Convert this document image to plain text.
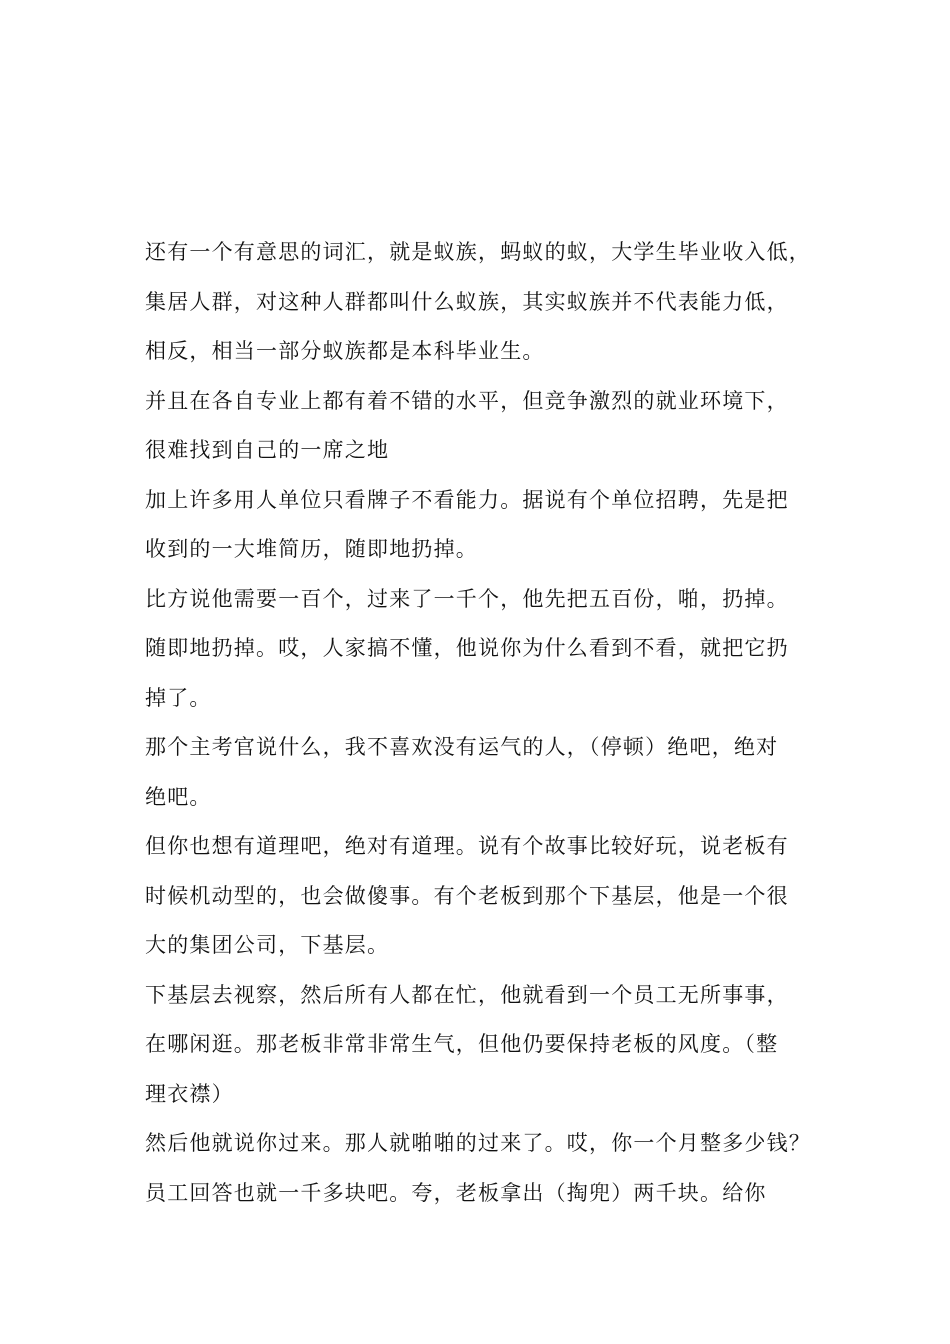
还有一个有意思的词汇，就是蚁族，蚂蚁的蚁，大学生毕业收入低，
集居人群，对这种人群都叫什么蚁族，其实蚁族并不代表能力低，
相反，相当一部分蚁族都是本科毕业生。
并且在各自专业上都有着不错的水平，但竞争激烈的就业环境下，
很难找到自己的一席之地
加上许多用人单位只看牌子不看能力。据说有个单位招聘，先是把
收到的一大堆简历，随即地扔掉。
比方说他需要一百个，过来了一千个，他先把五百份，啪，扔掉。
随即地扔掉。哎，人家搞不懂，他说你为什么看到不看，就把它扔
掉了。
那个主考官说什么，我不喜欢没有运气的人，（停顿）绝吧，绝对
绝吧。
但你也想有道理吧，绝对有道理。说有个故事比较好玩，说老板有
时候机动型的，也会做傻事。有个老板到那个下基层，他是一个很
大的集团公司，下基层。
下基层去视察，然后所有人都在忙，他就看到一个员工无所事事，
在哪闲逛。那老板非常非常生气，但他仍要保持老板的风度。（整
理衣襟）
然后他就说你过来。那人就啪啪的过来了。哎，你一个月整多少钱？
员工回答也就一千多块吧。夸，老板拿出（掏兜）两千块。给你
